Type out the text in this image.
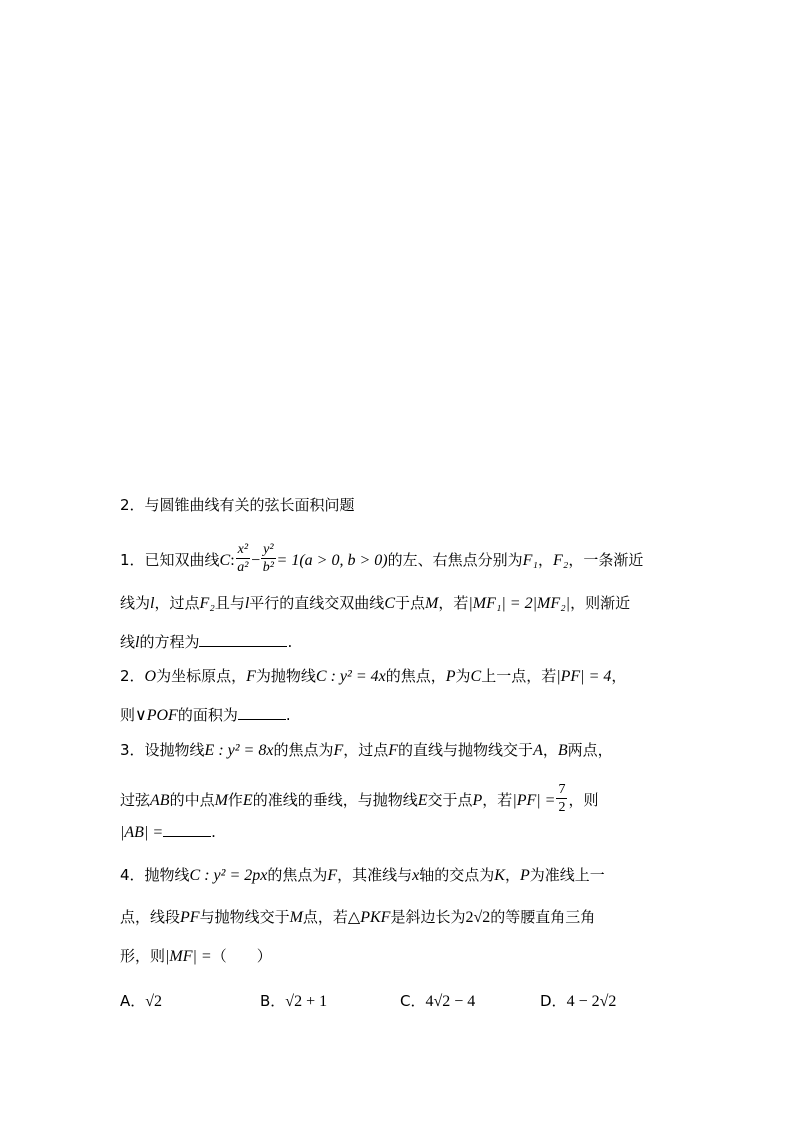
2．与圆锥曲线有关的弦长面积问题
1．已知双曲线C: $\frac{\text{x²}}{\text{a²}} - \frac{\text{y²}}{\text{b²}} = 1(a > 0$, b > 0)的左、右焦点分别为F₁，F₂，一条渐近
线为l，过点F₂且与l平行的直线交双曲线C于点M，若|MF₁| = 2|MF₂|，则渐近
线l的方程为	.
2．O为坐标原点，F为抛物线C : y² = 4x的焦点，P为C上一点，若|PF| = 4，
则∨POF的面积为	.
3．设抛物线E : y² = 8x的焦点为F，过点F的直线与抛物线交于A，B两点，
过弦AB的中点M作E的准线的垂线，与抛物线E交于点P，若$|PF| = \frac{7}{2}$ ，则
|AB| =	.
4．抛物线C : y² = 2px的焦点为F，其准线与x轴的交点为K，P为准线上一
点，线段PF与抛物线交于M点，若△PKF是斜边长为2√2的等腰直角三角
形，则|MF| =（　　）
A．√2	B．√2 + 1	C．4√2 − 4	D．4 − 2√2
